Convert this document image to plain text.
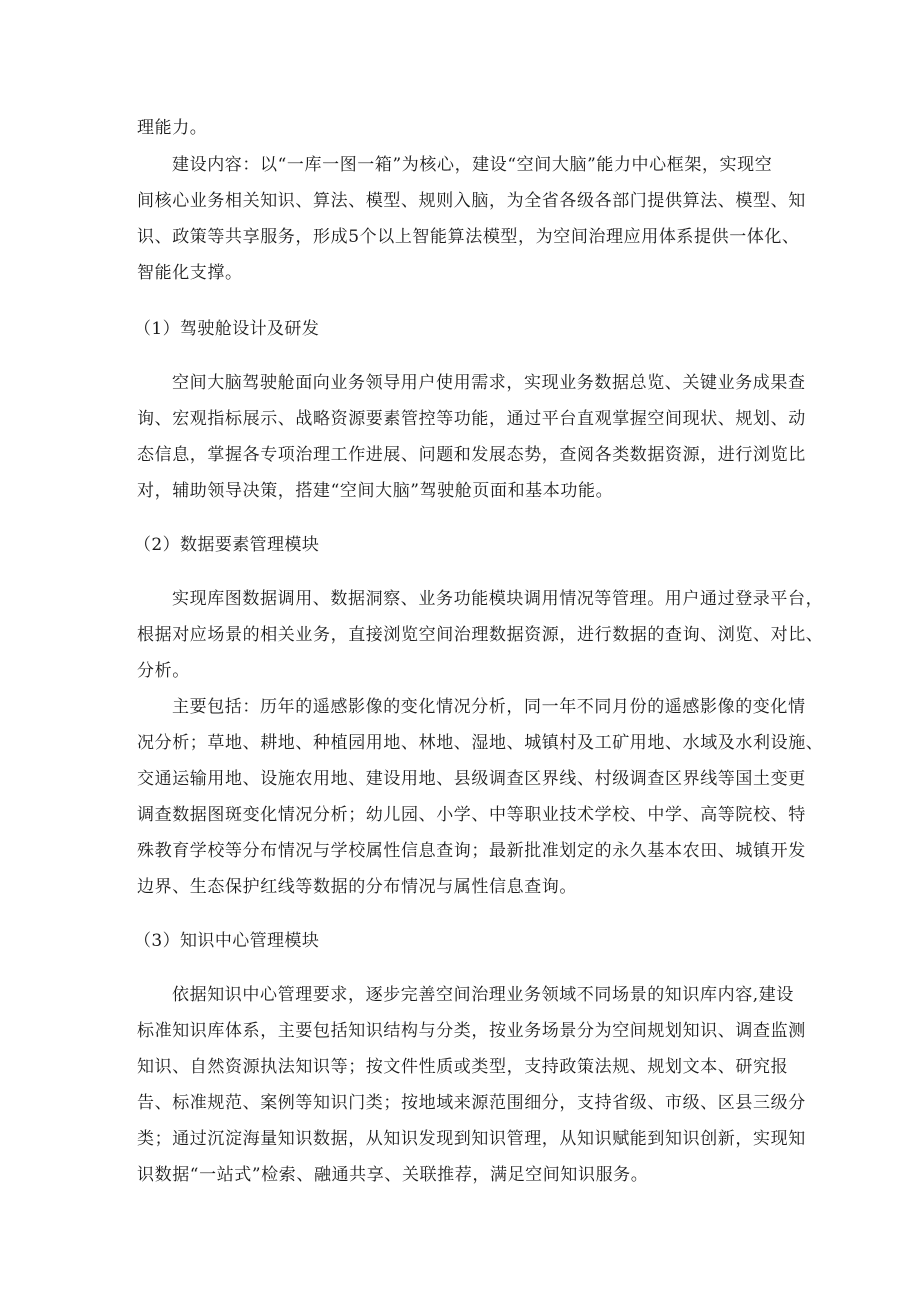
理能力。
建设内容：以“一库一图一箱”为核心，建设“空间大脑”能力中心框架，实现空
间核心业务相关知识、算法、模型、规则入脑，为全省各级各部门提供算法、模型、知
识、政策等共享服务，形成5个以上智能算法模型，为空间治理应用体系提供一体化、
智能化支撑。
（1）驾驶舱设计及研发
空间大脑驾驶舱面向业务领导用户使用需求，实现业务数据总览、关键业务成果查
询、宏观指标展示、战略资源要素管控等功能，通过平台直观掌握空间现状、规划、动
态信息，掌握各专项治理工作进展、问题和发展态势，查阅各类数据资源，进行浏览比
对，辅助领导决策，搭建“空间大脑”驾驶舱页面和基本功能。
（2）数据要素管理模块
实现库图数据调用、数据洞察、业务功能模块调用情况等管理。用户通过登录平台，
根据对应场景的相关业务，直接浏览空间治理数据资源，进行数据的查询、浏览、对比、
分析。
主要包括：历年的遥感影像的变化情况分析，同一年不同月份的遥感影像的变化情
况分析；草地、耕地、种植园用地、林地、湿地、城镇村及工矿用地、水域及水利设施、
交通运输用地、设施农用地、建设用地、县级调查区界线、村级调查区界线等国土变更
调查数据图斑变化情况分析；幼儿园、小学、中等职业技术学校、中学、高等院校、特
殊教育学校等分布情况与学校属性信息查询；最新批准划定的永久基本农田、城镇开发
边界、生态保护红线等数据的分布情况与属性信息查询。
（3）知识中心管理模块
依据知识中心管理要求，逐步完善空间治理业务领域不同场景的知识库内容,建设
标准知识库体系，主要包括知识结构与分类，按业务场景分为空间规划知识、调查监测
知识、自然资源执法知识等；按文件性质或类型，支持政策法规、规划文本、研究报
告、标准规范、案例等知识门类；按地域来源范围细分，支持省级、市级、区县三级分
类；通过沉淀海量知识数据，从知识发现到知识管理，从知识赋能到知识创新，实现知
识数据“一站式”检索、融通共享、关联推荐，满足空间知识服务。
